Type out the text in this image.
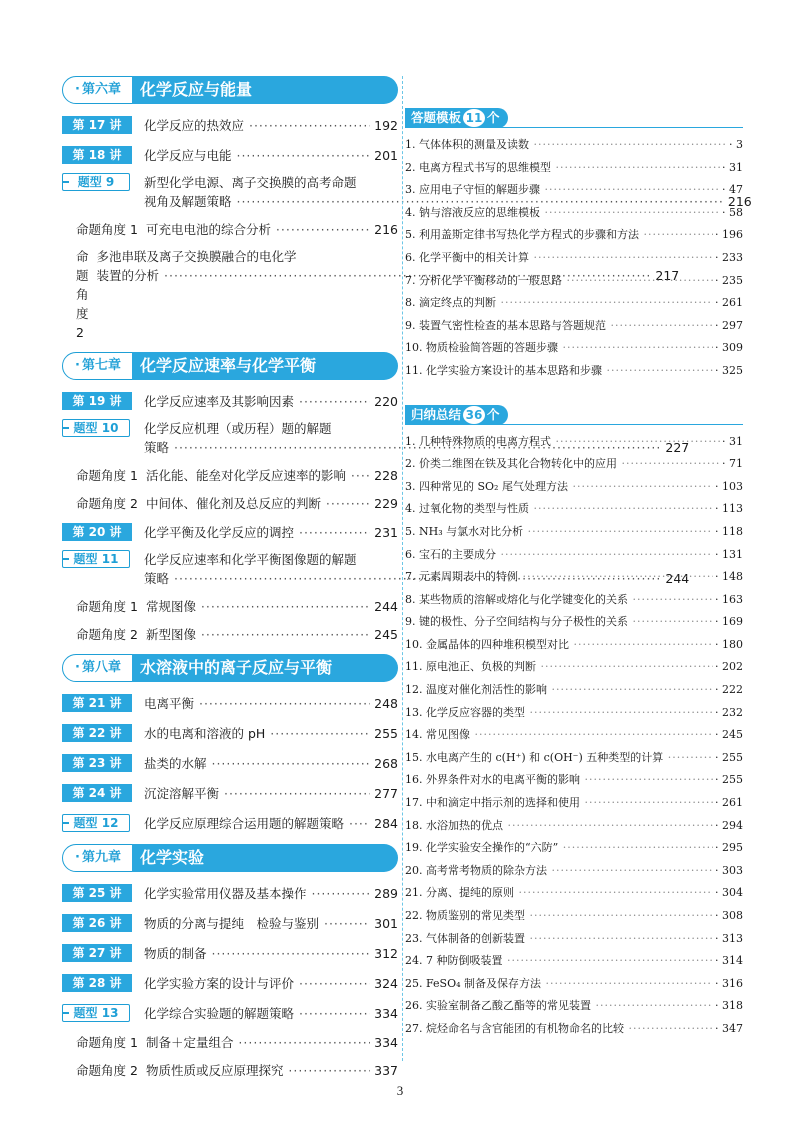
· 第六章	化学反应与能量
第 17 讲	化学反应的热效应 ·····	192
第 18 讲	化学反应与电能 ·····	201
题型 9	新型化学电源、离子交换膜的高考命题
视角及解题策略 ·····	216
命题角度 1 可充电电池的综合分析 ·····	216
命题角度 2
多池串联及离子交换膜融合的电化学
装置的分析 ·····	217
· 第七章	化学反应速率与化学平衡
第 19 讲	化学反应速率及其影响因素 ·····	220
题型 10	化学反应机理（或历程）题的解题
策略 ·····	227
命题角度 1 活化能、能垒对化学反应速率的影响 ·····	228
命题角度 2 中间体、催化剂及总反应的判断 ·····	229
第 20 讲	化学平衡及化学反应的调控 ·····	231
题型 11	化学反应速率和化学平衡图像题的解题
策略 ·····	244
命题角度 1 常规图像 ·····	244
命题角度 2 新型图像 ·····	245
· 第八章	水溶液中的离子反应与平衡
第 21 讲	电离平衡 ·····	248
第 22 讲	水的电离和溶液的 pH ·····	255
第 23 讲	盐类的水解 ·····	268
第 24 讲	沉淀溶解平衡 ·····	277
题型 12	化学反应原理综合运用题的解题策略 ·····	284
· 第九章	化学实验
第 25 讲	化学实验常用仪器及基本操作 ·····	289
第 26 讲	物质的分离与提纯　检验与鉴别 ·····	301
第 27 讲	物质的制备 ·····	312
第 28 讲	化学实验方案的设计与评价 ·····	324
题型 13	化学综合实验题的解题策略 ·····	334
命题角度 1 制备＋定量组合 ·····	334
命题角度 2 物质性质或反应原理探究 ·····	337
答题模板 11 个
1. 气体体积的测量及读数 ·····	· 3
2. 电离方程式书写的思维模型 ·····	· 31
3. 应用电子守恒的解题步骤 ·····	· 47
4. 钠与溶液反应的思维模板 ·····	· 58
5. 利用盖斯定律书写热化学方程式的步骤和方法 ·····	· 196
6. 化学平衡中的相关计算 ·····	· 233
7. 分析化学平衡移动的一般思路 ·····	· 235
8. 滴定终点的判断 ·····	· 261
9. 装置气密性检查的基本思路与答题规范 ·····	· 297
10. 物质检验简答题的答题步骤 ·····	· 309
11. 化学实验方案设计的基本思路和步骤 ·····	· 325
归纳总结 36 个
1. 几种特殊物质的电离方程式 ·····	· 31
2. 价类二维图在铁及其化合物转化中的应用 ·····	· 71
3. 四种常见的 SO₂ 尾气处理方法 ·····	· 103
4. 过氧化物的类型与性质 ·····	· 113
5. NH₃ 与氯水对比分析 ·····	· 118
6. 宝石的主要成分 ·····	· 131
7. 元素周期表中的特例 ·····	· 148
8. 某些物质的溶解或熔化与化学键变化的关系 ·····	· 163
9. 键的极性、分子空间结构与分子极性的关系 ·····	· 169
10. 金属晶体的四种堆积模型对比 ·····	· 180
11. 原电池正、负极的判断 ·····	· 202
12. 温度对催化剂活性的影响 ·····	· 222
13. 化学反应容器的类型 ·····	· 232
14. 常见图像 ·····	· 245
15. 水电离产生的 c(H⁺) 和 c(OH⁻) 五种类型的计算 ·····	· 255
16. 外界条件对水的电离平衡的影响 ·····	· 255
17. 中和滴定中指示剂的选择和使用 ·····	· 261
18. 水浴加热的优点 ·····	· 294
19. 化学实验安全操作的“六防” ·····	· 295
20. 高考常考物质的除杂方法 ·····	· 303
21. 分离、提纯的原则 ·····	· 304
22. 物质鉴别的常见类型 ·····	· 308
23. 气体制备的创新装置 ·····	· 313
24. 7 种防倒吸装置 ·····	· 314
25. FeSO₄ 制备及保存方法 ·····	· 316
26. 实验室制备乙酸乙酯等的常见装置 ·····	· 318
27. 烷烃命名与含官能团的有机物命名的比较 ·····	· 347
3
